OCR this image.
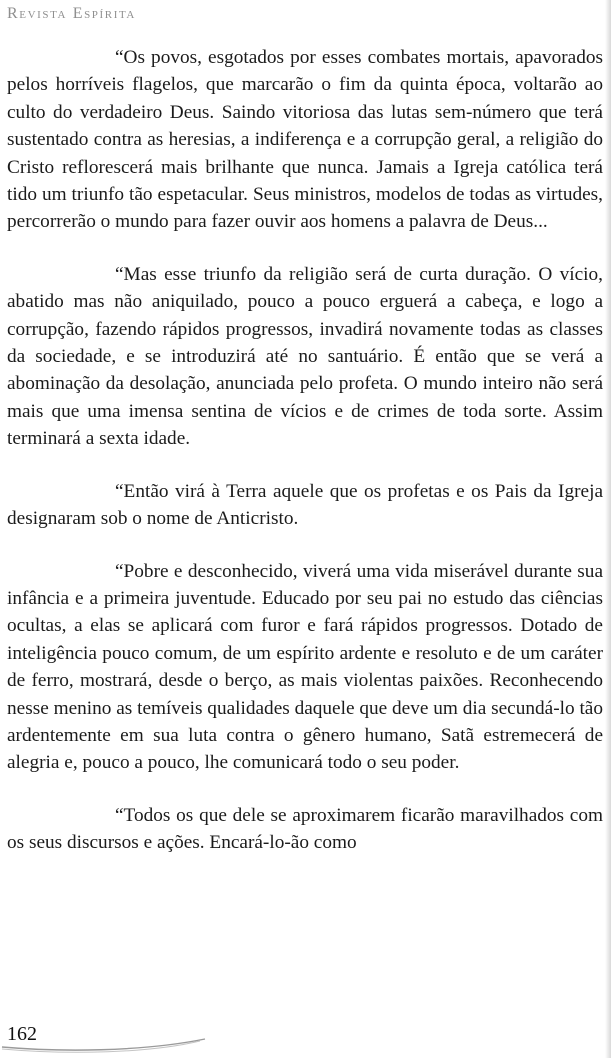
Revista Espírita

“Os povos, esgotados por esses combates mortais, apavorados pelos horríveis flagelos, que marcarão o fim da quinta época, voltarão ao culto do verdadeiro Deus. Saindo vitoriosa das lutas sem-número que terá sustentado contra as heresias, a indiferença e a corrupção geral, a religião do Cristo reflorescerá mais brilhante que nunca. Jamais a Igreja católica terá tido um triunfo tão espetacular. Seus ministros, modelos de todas as virtudes, percorrerão o mundo para fazer ouvir aos homens a palavra de Deus...

“Mas esse triunfo da religião será de curta duração. O vício, abatido mas não aniquilado, pouco a pouco erguerá a cabeça, e logo a corrupção, fazendo rápidos progressos, invadirá novamente todas as classes da sociedade, e se introduzirá até no santuário. É então que se verá a abominação da desolação, anunciada pelo profeta. O mundo inteiro não será mais que uma imensa sentina de vícios e de crimes de toda sorte. Assim terminará a sexta idade.

“Então virá à Terra aquele que os profetas e os Pais da Igreja designaram sob o nome de Anticristo.

“Pobre e desconhecido, viverá uma vida miserável durante sua infância e a primeira juventude. Educado por seu pai no estudo das ciências ocultas, a elas se aplicará com furor e fará rápidos progressos. Dotado de inteligência pouco comum, de um espírito ardente e resoluto e de um caráter de ferro, mostrará, desde o berço, as mais violentas paixões. Reconhecendo nesse menino as temíveis qualidades daquele que deve um dia secundá-lo tão ardentemente em sua luta contra o gênero humano, Satã estremecerá de alegria e, pouco a pouco, lhe comunicará todo o seu poder.

“Todos os que dele se aproximarem ficarão maravilhados com os seus discursos e ações. Encará-lo-ão como

162
